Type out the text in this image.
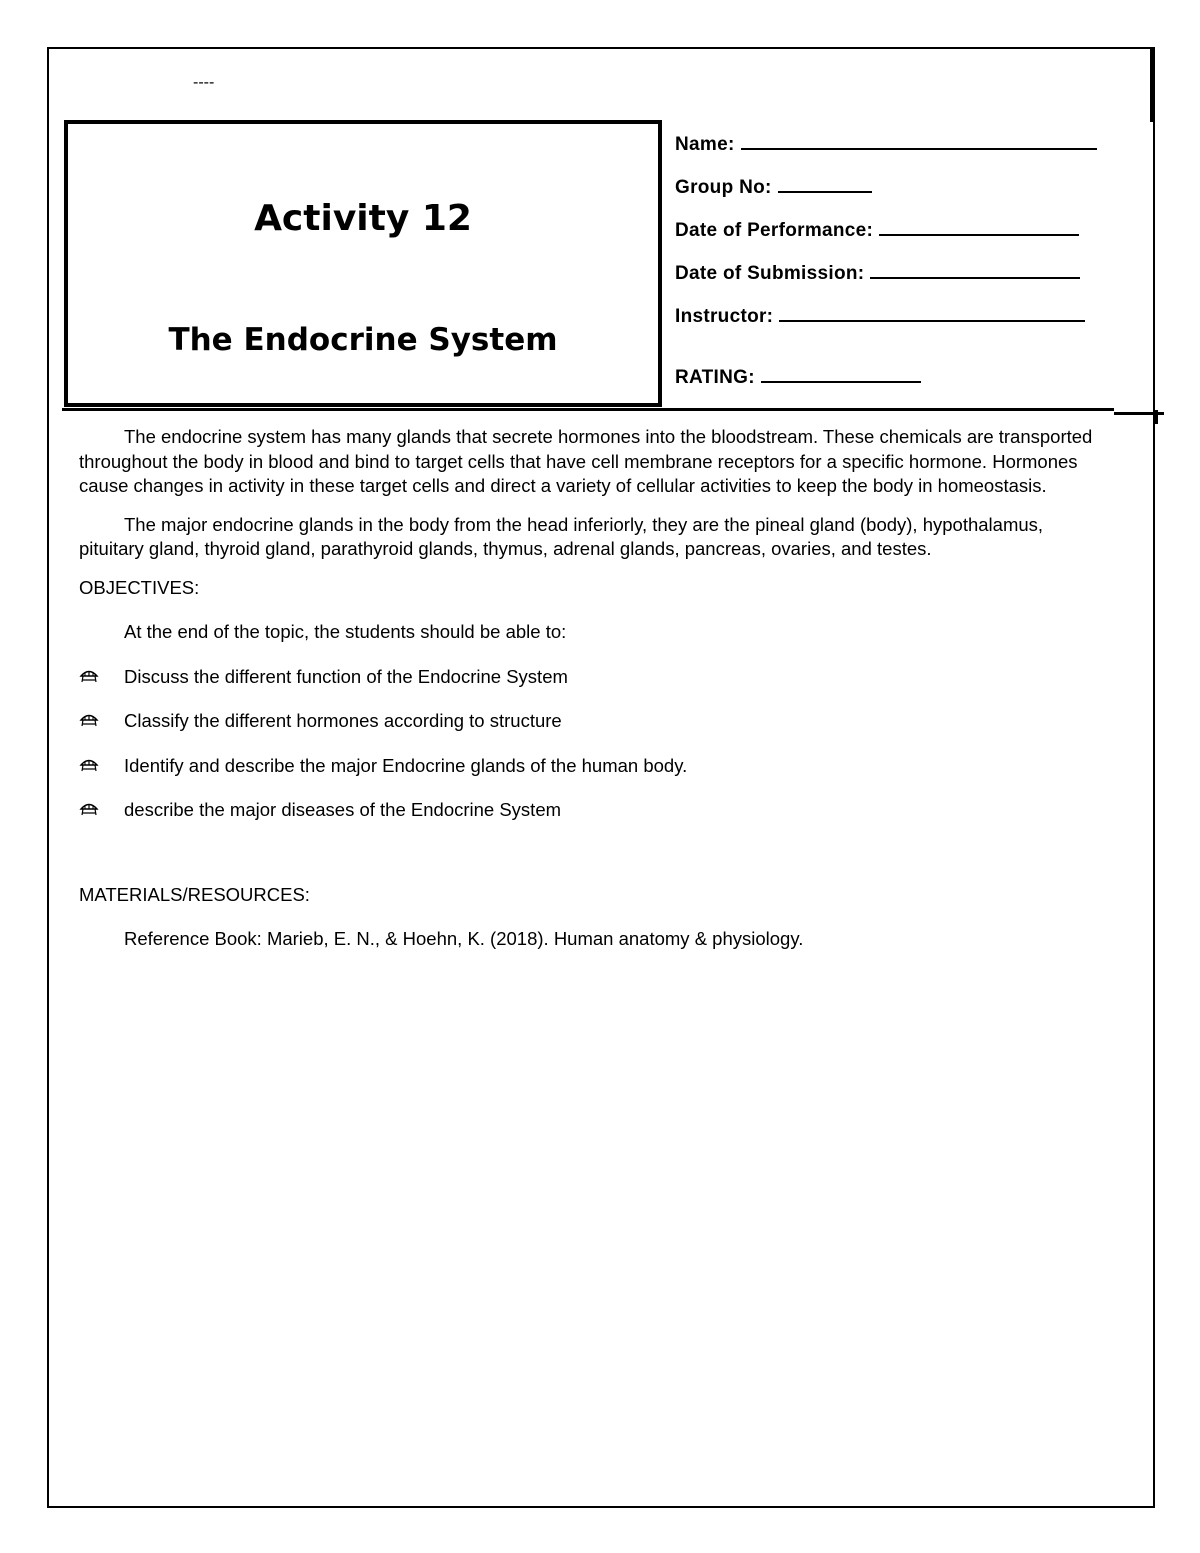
----
Activity 12
The Endocrine System
Name:
Group No:
Date of Performance:
Date of Submission:
Instructor:
RATING:

The endocrine system has many glands that secrete hormones into the bloodstream. These chemicals are transported throughout the body in blood and bind to target cells that have cell membrane receptors for a specific hormone. Hormones cause changes in activity in these target cells and direct a variety of cellular activities to keep the body in homeostasis.

The major endocrine glands in the body from the head inferiorly, they are the pineal gland (body), hypothalamus, pituitary gland, thyroid gland, parathyroid glands, thymus, adrenal glands, pancreas, ovaries, and testes.

OBJECTIVES:
At the end of the topic, the students should be able to:
Discuss the different function of the Endocrine System
Classify the different hormones according to structure
Identify and describe the major Endocrine glands of the human body.
describe the major diseases of the Endocrine System
MATERIALS/RESOURCES:
Reference Book: Marieb, E. N., & Hoehn, K. (2018). Human anatomy & physiology.
